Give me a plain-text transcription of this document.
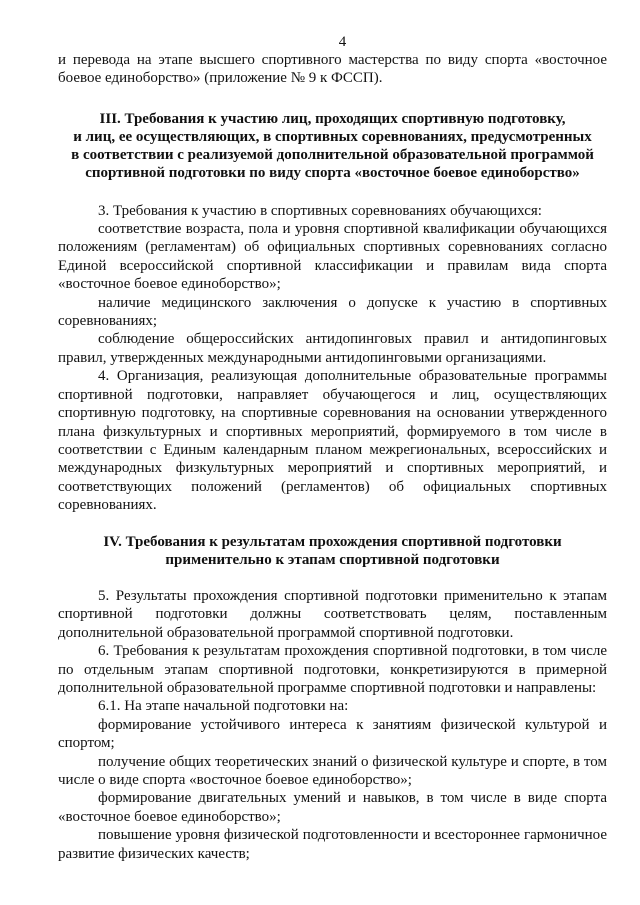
4

и перевода на этапе высшего спортивного мастерства по виду спорта «восточное боевое единоборство» (приложение № 9 к ФССП).

III. Требования к участию лиц, проходящих спортивную подготовку,
и лиц, ее осуществляющих, в спортивных соревнованиях, предусмотренных
в соответствии с реализуемой дополнительной образовательной программой
спортивной подготовки по виду спорта «восточное боевое единоборство»

3. Требования к участию в спортивных соревнованиях обучающихся:

соответствие возраста, пола и уровня спортивной квалификации обучающихся положениям (регламентам) об официальных спортивных соревнованиях согласно Единой всероссийской спортивной классификации и правилам вида спорта «восточное боевое единоборство»;

наличие медицинского заключения о допуске к участию в спортивных соревнованиях;

соблюдение общероссийских антидопинговых правил и антидопинговых правил, утвержденных международными антидопинговыми организациями.

4. Организация, реализующая дополнительные образовательные программы спортивной подготовки, направляет обучающегося и лиц, осуществляющих спортивную подготовку, на спортивные соревнования на основании утвержденного плана физкультурных и спортивных мероприятий, формируемого в том числе в соответствии с Единым календарным планом межрегиональных, всероссийских и международных физкультурных мероприятий и спортивных мероприятий, и соответствующих положений (регламентов) об официальных спортивных соревнованиях.

IV. Требования к результатам прохождения спортивной подготовки
применительно к этапам спортивной подготовки

5. Результаты прохождения спортивной подготовки применительно к этапам спортивной подготовки должны соответствовать целям, поставленным дополнительной образовательной программой спортивной подготовки.

6. Требования к результатам прохождения спортивной подготовки, в том числе по отдельным этапам спортивной подготовки, конкретизируются в примерной дополнительной образовательной программе спортивной подготовки и направлены:

6.1. На этапе начальной подготовки на:

формирование устойчивого интереса к занятиям физической культурой и спортом;

получение общих теоретических знаний о физической культуре и спорте, в том числе о виде спорта «восточное боевое единоборство»;

формирование двигательных умений и навыков, в том числе в виде спорта «восточное боевое единоборство»;

повышение уровня физической подготовленности и всестороннее гармоничное развитие физических качеств;
